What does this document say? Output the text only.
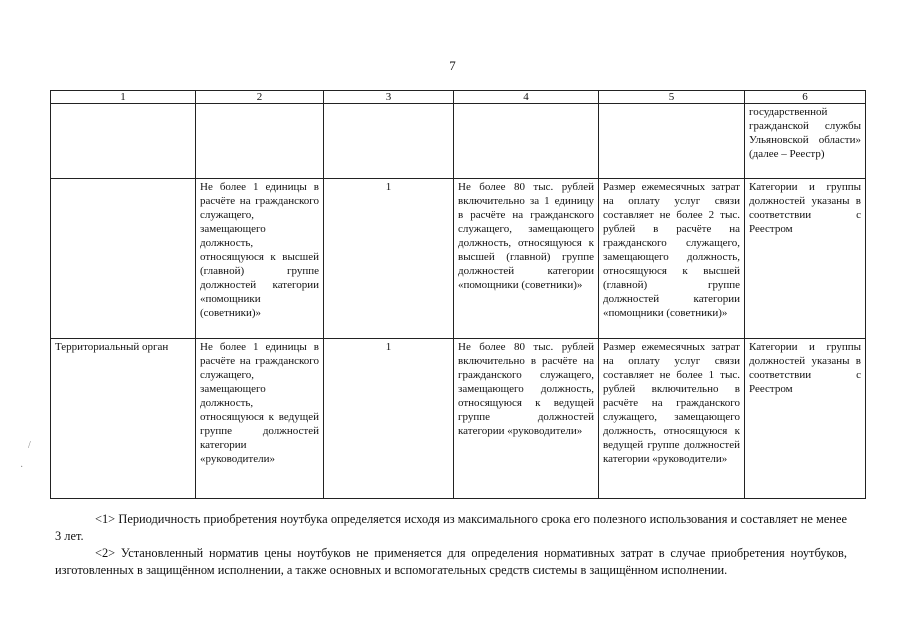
7
1	2	3	4	5	6
					государственной гражданской службы Ульяновской области» (далее – Реестр)
	Не более 1 единицы в расчёте на гражданского служащего, замещающего должность, относящуюся к высшей (главной) группе должностей категории «помощники (советники)»	1	Не более 80 тыс. рублей включительно за 1 единицу в расчёте на гражданского служащего, замещающего должность, относящуюся к высшей (главной) группе должностей категории «помощники (советники)»	Размер ежемесячных затрат на оплату услуг связи составляет не более 2 тыс. рублей в расчёте на гражданского служащего, замещающего должность, относящуюся к высшей (главной) группе должностей категории «помощники (советники)»	Категории и группы должностей указаны в соответствии с Реестром
Территориальный орган	Не более 1 единицы в расчёте на гражданского служащего, замещающего должность, относящуюся к ведущей группе должностей категории «руководители»	1	Не более 80 тыс. рублей включительно в расчёте на гражданского служащего, замещающего должность, относящуюся к ведущей группе должностей категории «руководители»	Размер ежемесячных затрат на оплату услуг связи составляет не более 1 тыс. рублей включительно в расчёте на гражданского служащего, замещающего должность, относящуюся к ведущей группе должностей категории «руководители»	Категории и группы должностей указаны в соответствии с Реестром

<1> Периодичность приобретения ноутбука определяется исходя из максимального срока его полезного использования и составляет не менее 3 лет.

<2> Установленный норматив цены ноутбуков не применяется для определения нормативных затрат в случае приобретения ноутбуков, изготовленных в защищённом исполнении, а также основных и вспомогательных средств системы в защищённом исполнении.

/
·
